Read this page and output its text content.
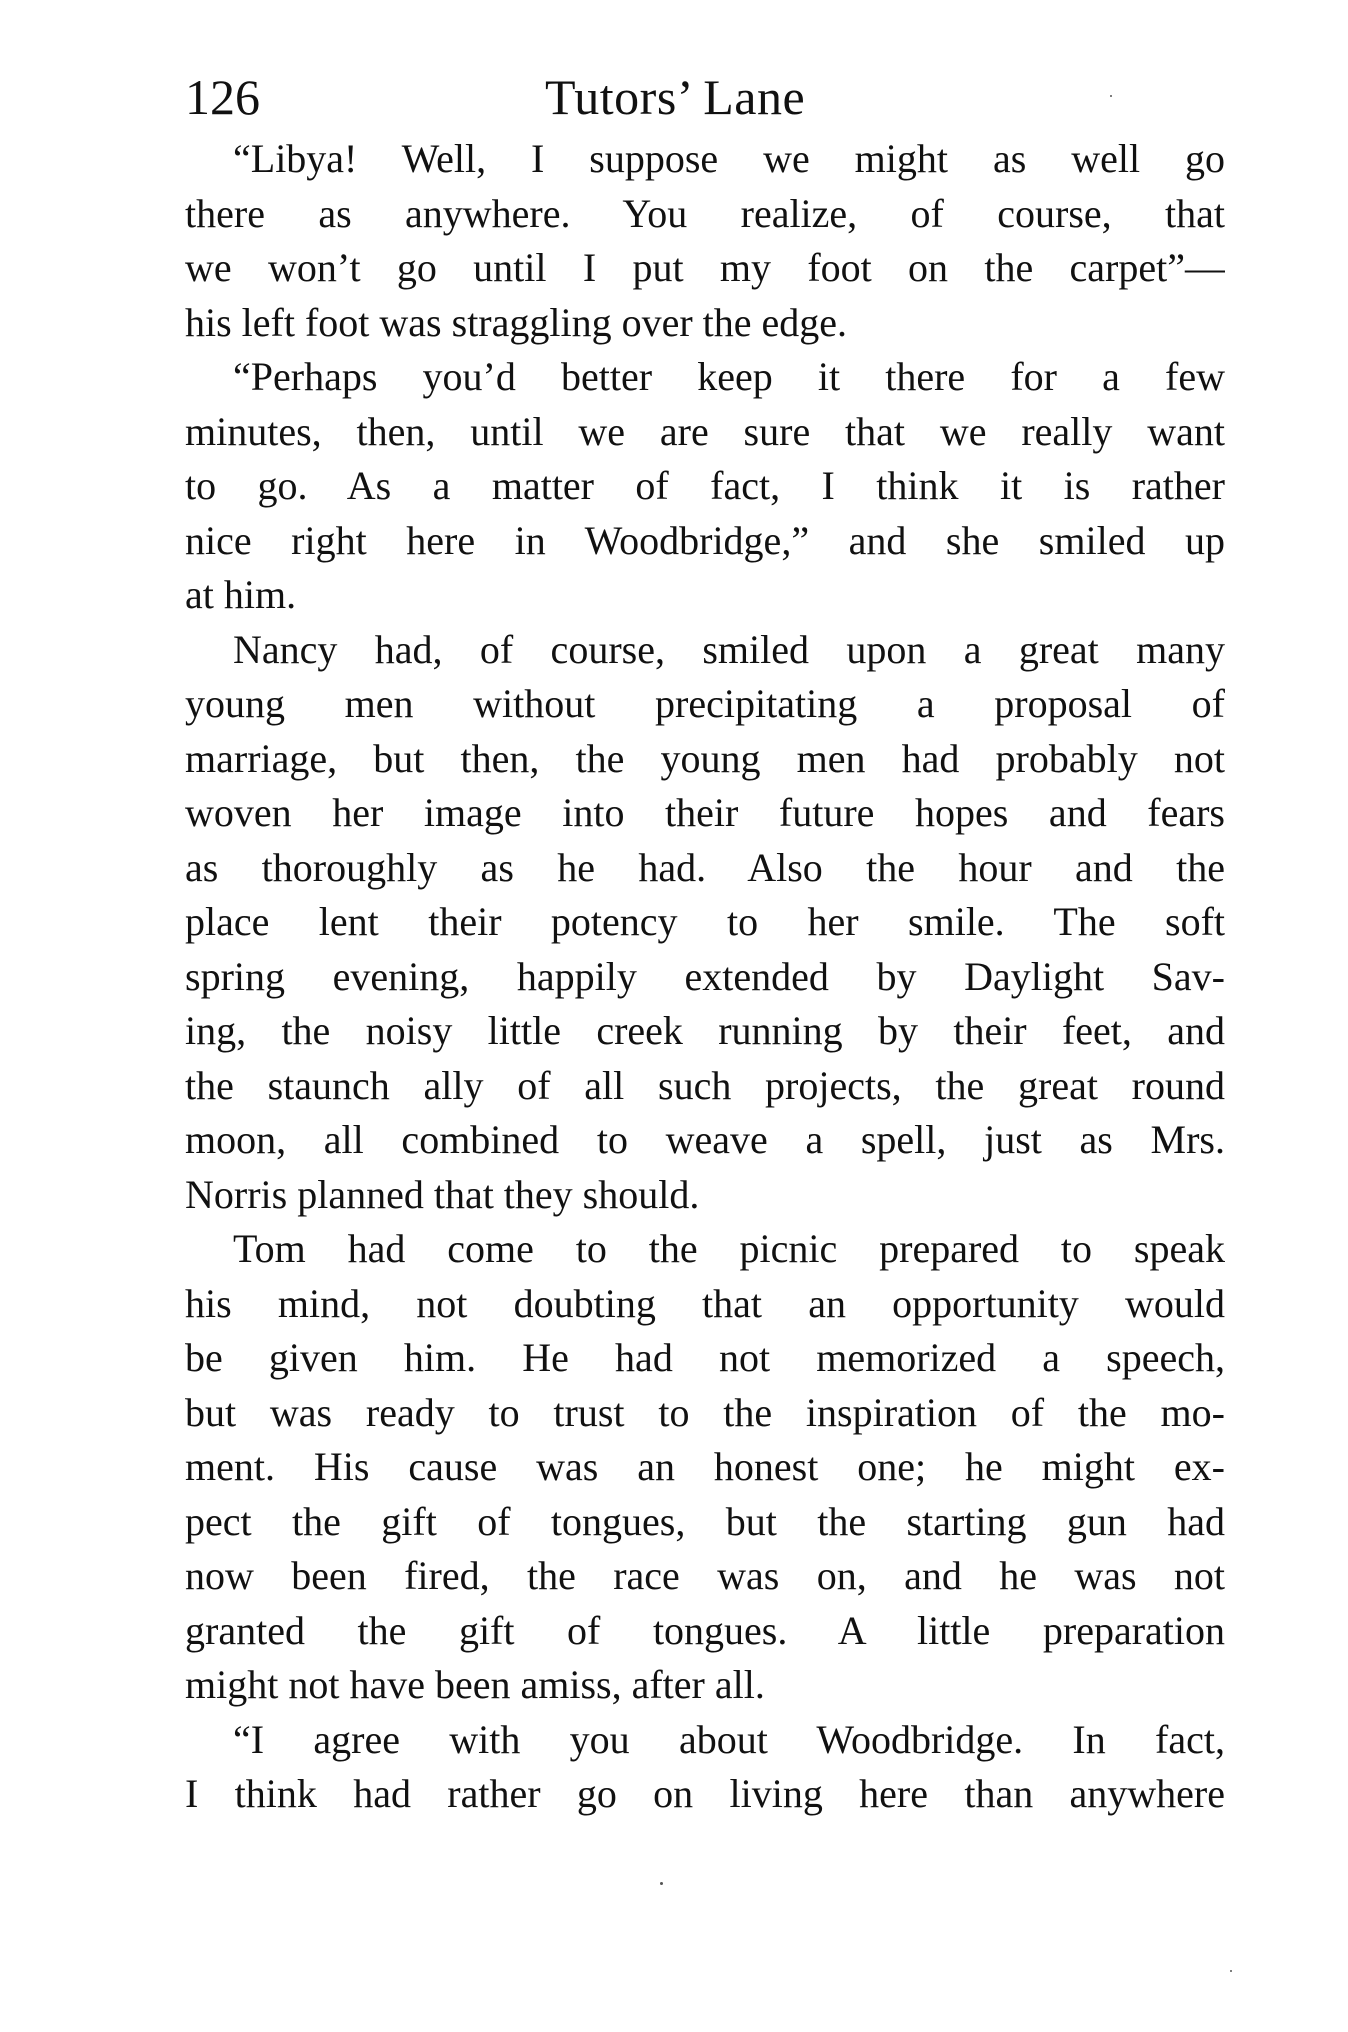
126	Tutors’ Lane
“Libya! Well, I suppose we might as well go
there as anywhere. You realize, of course, that
we won’t go until I put my foot on the carpet”—
his left foot was straggling over the edge.
“Perhaps you’d better keep it there for a few
minutes, then, until we are sure that we really want
to go. As a matter of fact, I think it is rather
nice right here in Woodbridge,” and she smiled up
at him.
Nancy had, of course, smiled upon a great many
young men without precipitating a proposal of
marriage, but then, the young men had probably not
woven her image into their future hopes and fears
as thoroughly as he had. Also the hour and the
place lent their potency to her smile. The soft
spring evening, happily extended by Daylight Sav-
ing, the noisy little creek running by their feet, and
the staunch ally of all such projects, the great round
moon, all combined to weave a spell, just as Mrs.
Norris planned that they should.
Tom had come to the picnic prepared to speak
his mind, not doubting that an opportunity would
be given him. He had not memorized a speech,
but was ready to trust to the inspiration of the mo-
ment. His cause was an honest one; he might ex-
pect the gift of tongues, but the starting gun had
now been fired, the race was on, and he was not
granted the gift of tongues. A little preparation
might not have been amiss, after all.
“I agree with you about Woodbridge. In fact,
I think had rather go on living here than anywhere
